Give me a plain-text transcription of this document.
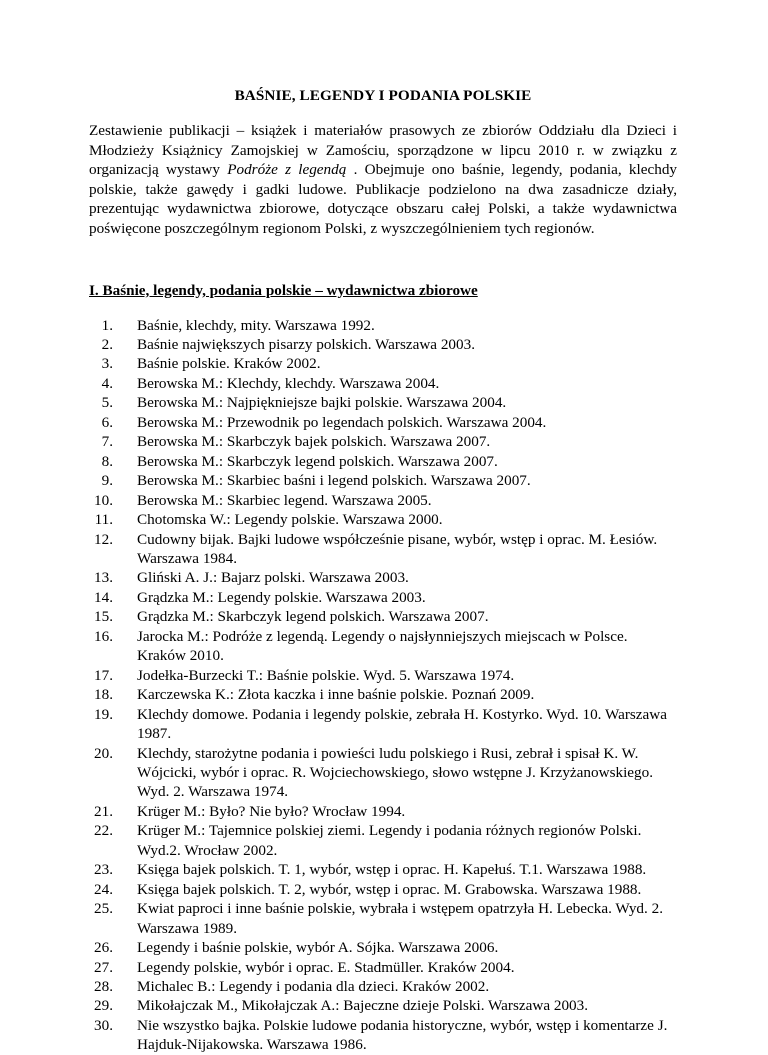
BAŚNIE, LEGENDY I PODANIA POLSKIE

Zestawienie publikacji – książek i materiałów prasowych ze zbiorów Oddziału dla Dzieci i Młodzieży Książnicy Zamojskiej w Zamościu, sporządzone w lipcu 2010 r. w związku z organizacją wystawy Podróże z legendą . Obejmuje ono baśnie, legendy, podania, klechdy polskie, także gawędy i gadki ludowe. Publikacje podzielono na dwa zasadnicze działy, prezentując wydawnictwa zbiorowe, dotyczące obszaru całej Polski, a także wydawnictwa poświęcone poszczególnym regionom Polski, z wyszczególnieniem tych regionów.

I. Baśnie, legendy, podania polskie – wydawnictwa zbiorowe
1. Baśnie, klechdy, mity. Warszawa 1992.
2. Baśnie największych pisarzy polskich. Warszawa 2003.
3. Baśnie polskie. Kraków 2002.
4. Berowska M.: Klechdy, klechdy. Warszawa 2004.
5. Berowska M.: Najpiękniejsze bajki polskie. Warszawa 2004.
6. Berowska M.: Przewodnik po legendach polskich. Warszawa 2004.
7. Berowska M.: Skarbczyk bajek polskich. Warszawa 2007.
8. Berowska M.: Skarbczyk legend polskich. Warszawa 2007.
9. Berowska M.: Skarbiec baśni i legend polskich. Warszawa 2007.
10. Berowska M.: Skarbiec legend. Warszawa 2005.
11. Chotomska W.: Legendy polskie. Warszawa 2000.
12. Cudowny bijak. Bajki ludowe współcześnie pisane, wybór, wstęp i oprac. M. Łesiów. Warszawa 1984.
13. Gliński A. J.: Bajarz polski. Warszawa 2003.
14. Grądzka M.: Legendy polskie. Warszawa 2003.
15. Grądzka M.: Skarbczyk legend polskich. Warszawa 2007.
16. Jarocka M.: Podróże z legendą. Legendy o najsłynniejszych miejscach w Polsce. Kraków 2010.
17. Jodełka-Burzecki T.: Baśnie polskie. Wyd. 5. Warszawa 1974.
18. Karczewska K.: Złota kaczka i inne baśnie polskie. Poznań 2009.
19. Klechdy domowe. Podania i legendy polskie, zebrała H. Kostyrko. Wyd. 10. Warszawa 1987.
20. Klechdy, starożytne podania i powieści ludu polskiego i Rusi, zebrał i spisał K. W. Wójcicki, wybór i oprac. R. Wojciechowskiego, słowo wstępne J. Krzyżanowskiego. Wyd. 2. Warszawa 1974.
21. Krüger M.: Było? Nie było? Wrocław 1994.
22. Krüger M.: Tajemnice polskiej ziemi. Legendy i podania różnych regionów Polski. Wyd.2. Wrocław 2002.
23. Księga bajek polskich. T. 1, wybór, wstęp i oprac. H. Kapełuś. T.1. Warszawa 1988.
24. Księga bajek polskich. T. 2, wybór, wstęp i oprac. M. Grabowska. Warszawa 1988.
25. Kwiat paproci i inne baśnie polskie, wybrała i wstępem opatrzyła H. Lebecka. Wyd. 2. Warszawa 1989.
26. Legendy i baśnie polskie, wybór A. Sójka. Warszawa 2006.
27. Legendy polskie, wybór i oprac. E. Stadmüller. Kraków 2004.
28. Michalec B.: Legendy i podania dla dzieci. Kraków 2002.
29. Mikołajczak M., Mikołajczak A.: Bajeczne dzieje Polski. Warszawa 2003.
30. Nie wszystko bajka. Polskie ludowe podania historyczne, wybór, wstęp i komentarze J. Hajduk-Nijakowska. Warszawa 1986.
